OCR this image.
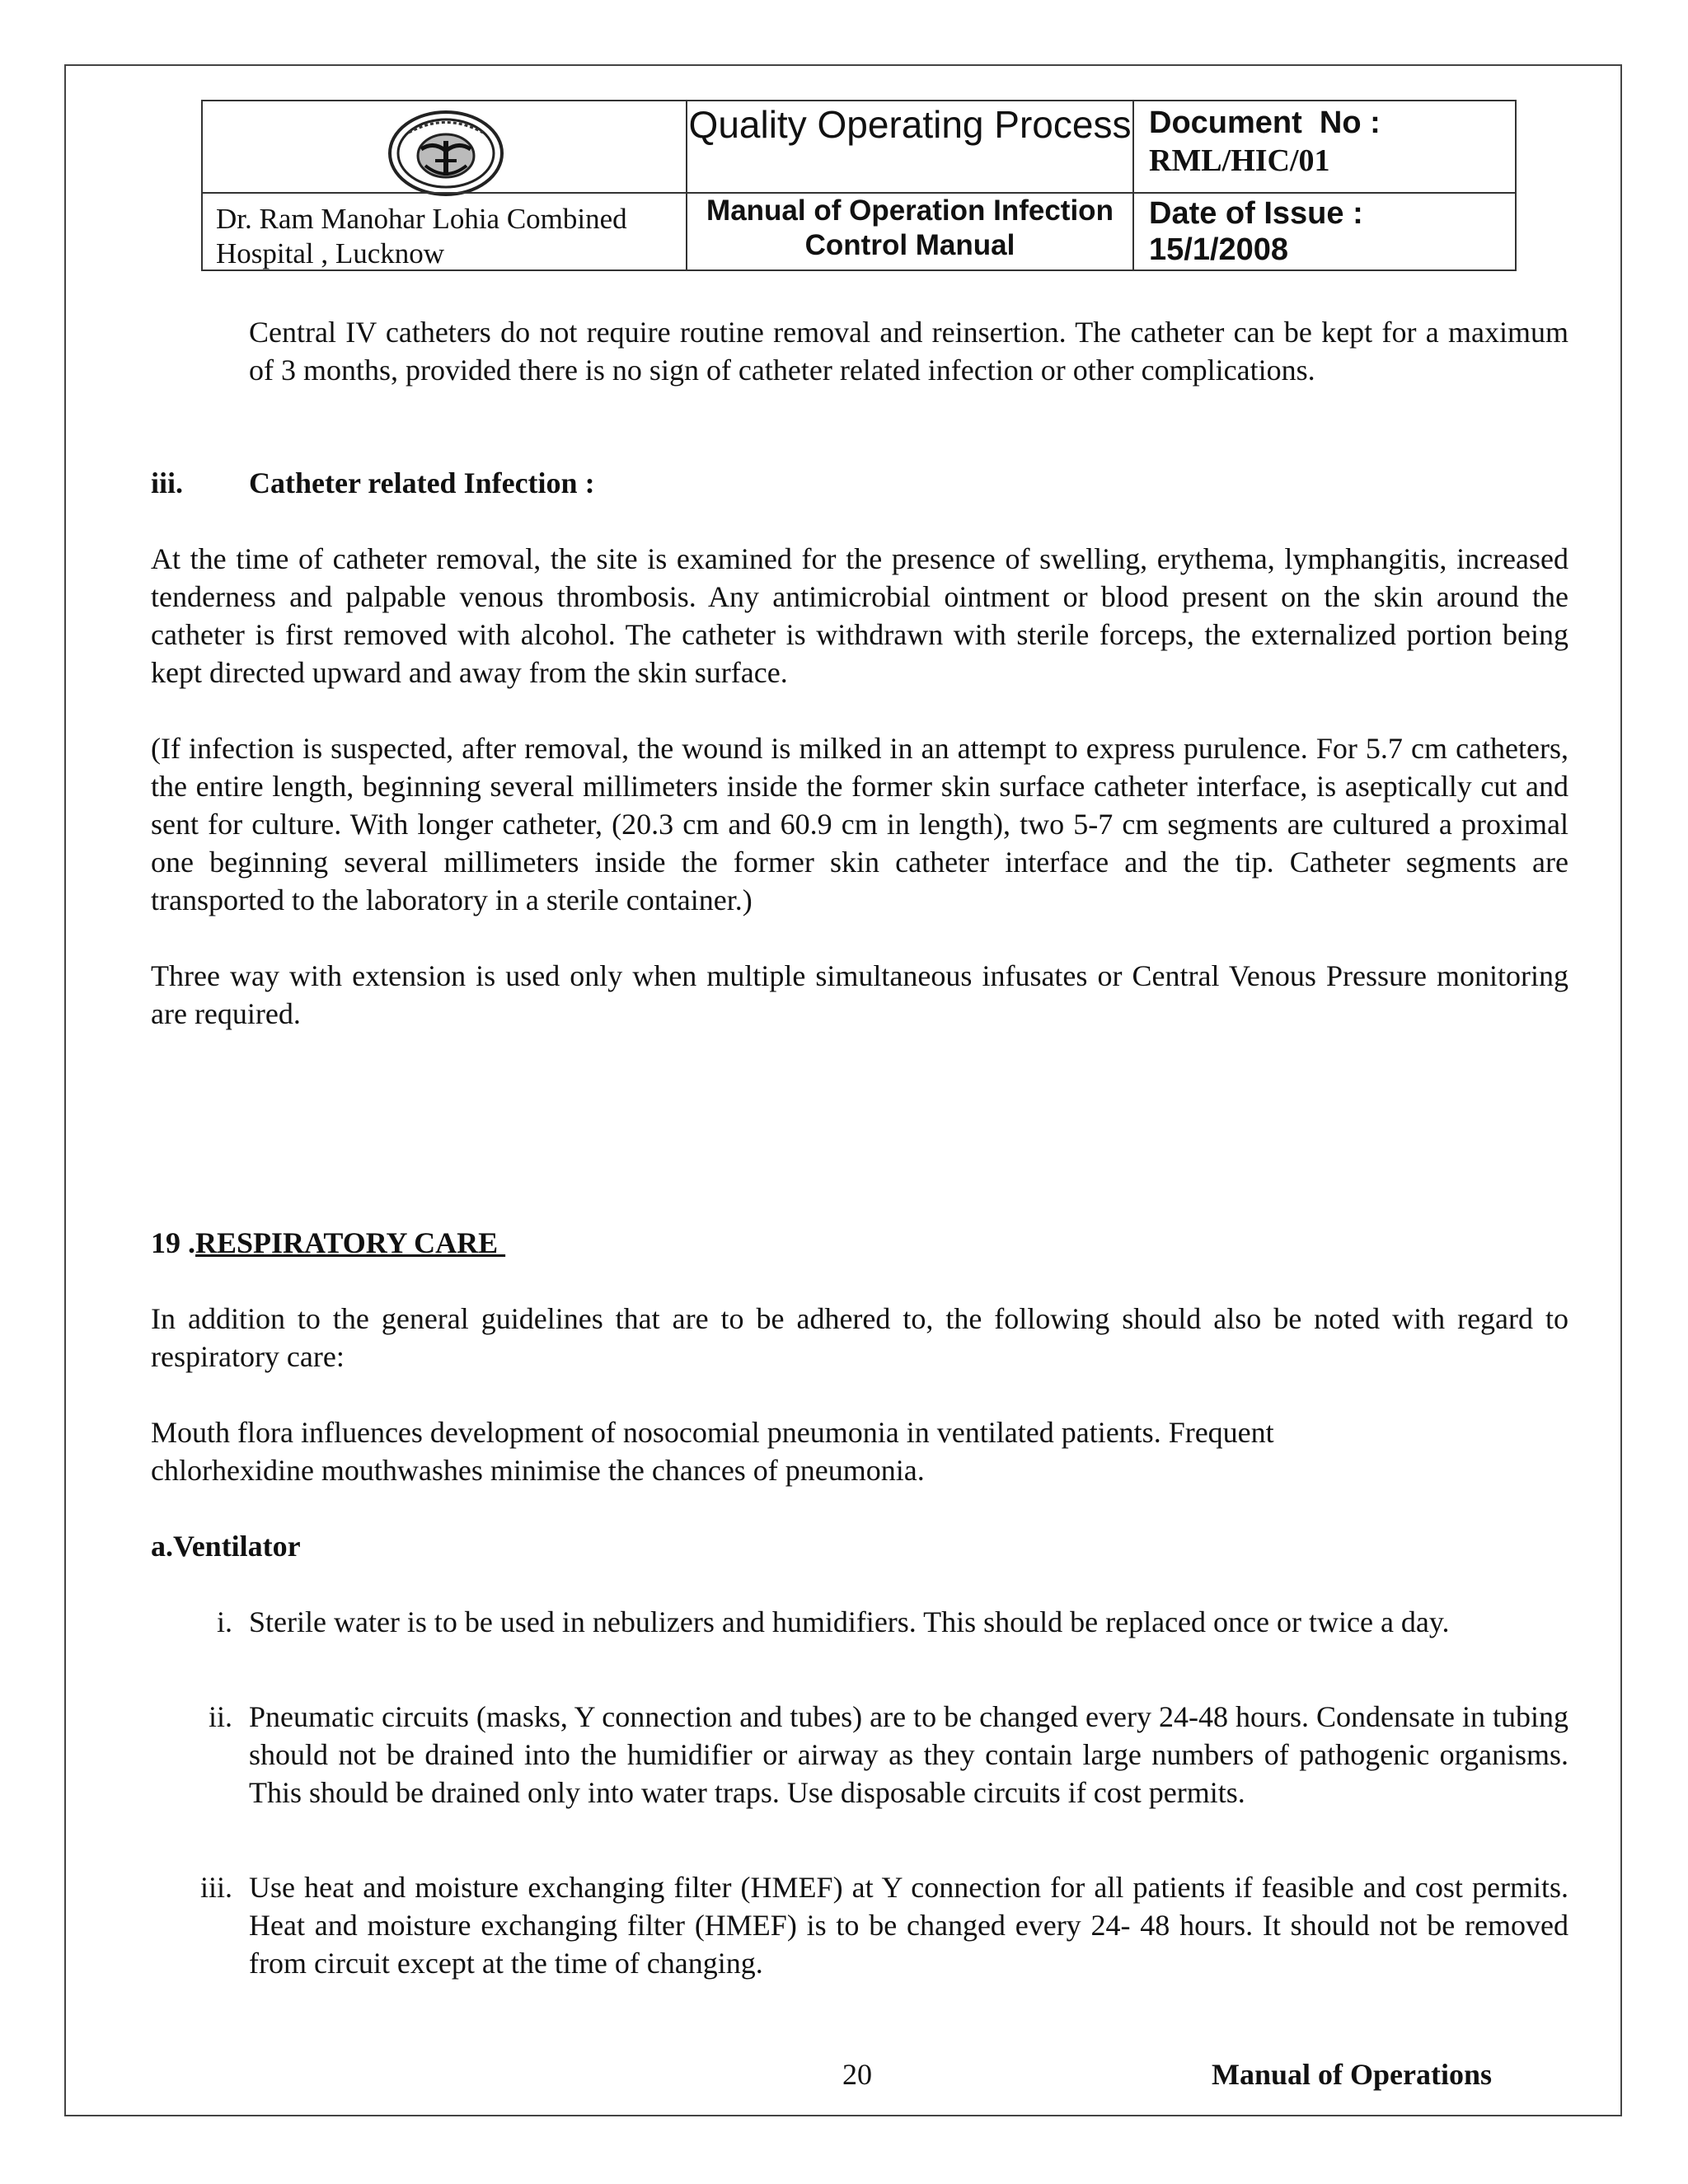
Dr. Ram Manohar Lohia Combined Hospital , Lucknow
Quality Operating Process
Manual of Operation Infection Control Manual
Document  No :
RML/HIC/01
Date of Issue :
15/1/2008

Central IV catheters do not require routine removal and reinsertion. The catheter can be kept for a maximum of 3 months, provided there is no sign of catheter related infection or other complications.

iii. Catheter related Infection :

At the time of catheter removal, the site is examined for the presence of swelling, erythema, lymphangitis, increased tenderness and palpable venous thrombosis. Any antimicrobial ointment or blood present on the skin around the catheter is first removed with alcohol. The catheter is withdrawn with sterile forceps, the externalized portion being kept directed upward and away from the skin surface.

(If infection is suspected, after removal, the wound is milked in an attempt to express purulence. For 5.7 cm catheters, the entire length, beginning several millimeters inside the former skin surface catheter interface, is aseptically cut and sent for culture. With longer catheter, (20.3 cm and 60.9 cm in length), two 5-7 cm segments are cultured a proximal one beginning several millimeters inside the former skin catheter interface and the tip. Catheter segments are transported to the laboratory in a sterile container.)

Three way with extension is used only when multiple simultaneous infusates or Central Venous Pressure monitoring are required.

19 .RESPIRATORY CARE

In addition to the general guidelines that are to be adhered to, the following should also be noted with regard to respiratory care:

Mouth flora influences development of nosocomial pneumonia in ventilated patients. Frequent

chlorhexidine mouthwashes minimise the chances of pneumonia.

a.Ventilator

i. Sterile water is to be used in nebulizers and humidifiers. This should be replaced once or twice a day.

ii. Pneumatic circuits (masks, Y connection and tubes) are to be changed every 24-48 hours. Condensate in tubing should not be drained into the humidifier or airway as they contain large numbers of pathogenic organisms. This should be drained only into water traps. Use disposable circuits if cost permits.

iii. Use heat and moisture exchanging filter (HMEF) at Y connection for all patients if feasible and cost permits. Heat and moisture exchanging filter (HMEF) is to be changed every 24- 48 hours. It should not be removed from circuit except at the time of changing.

20	Manual of Operations
